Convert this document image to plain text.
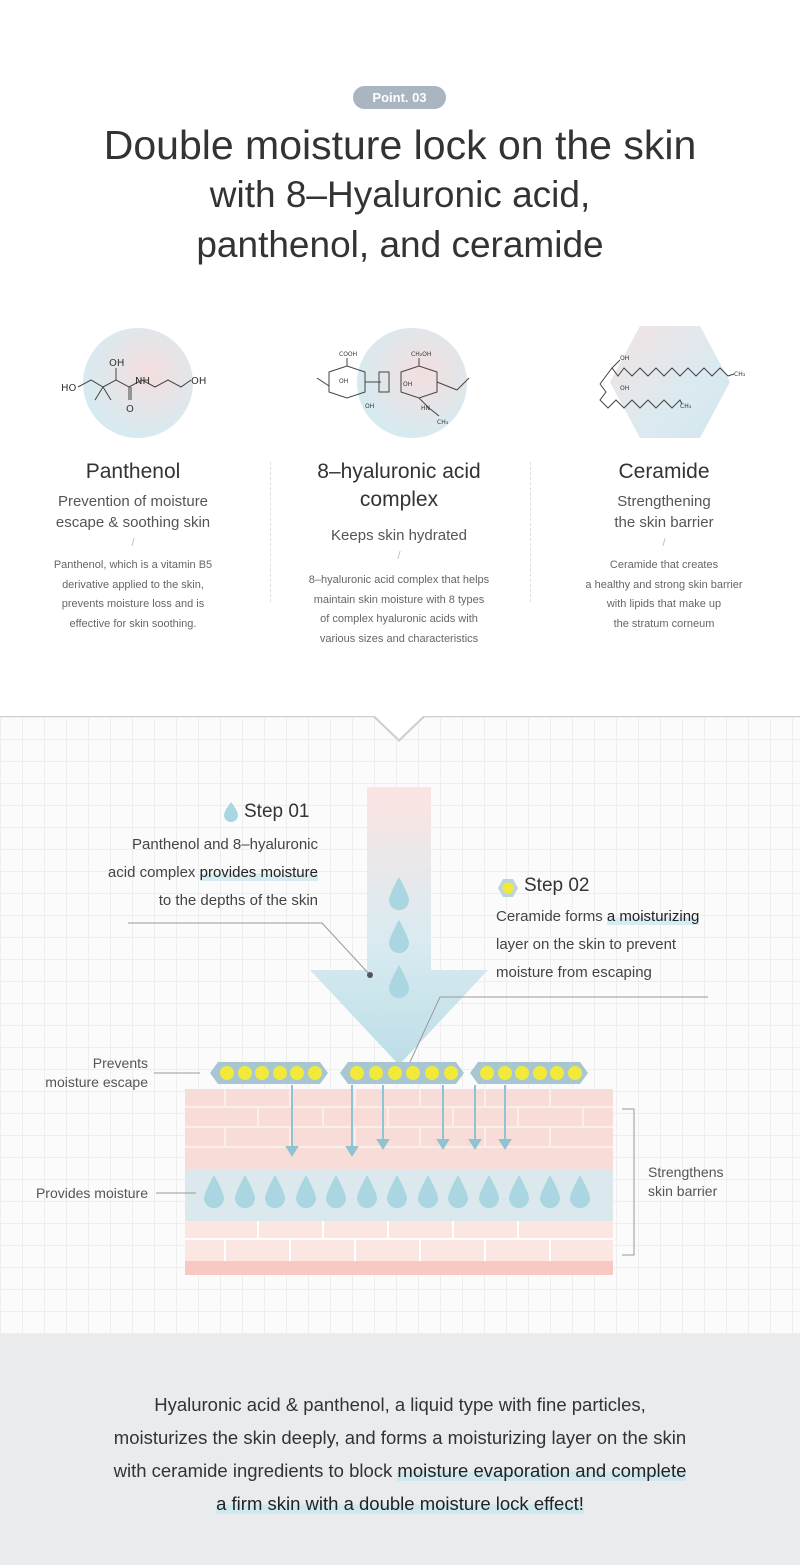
Point. 03
Double moisture lock on the skin
with 8–Hyaluronic acid,
panthenol, and ceramide
OH
HO
NH	OH
O
Panthenol
Prevention of moisture
escape & soothing skin
/
Panthenol, which is a vitamin B5
derivative applied to the skin,
prevents moisture loss and is
effective for skin soothing.
COOH	CH₂OH
OH
OH
OH
HN
CH₃
8–hyaluronic acid
complex
Keeps skin hydrated
/
8–hyaluronic acid complex that helps
maintain skin moisture with 8 types
of complex hyaluronic acids with
various sizes and characteristics
OH
CH₃
CH₃
OH
Ceramide
Strengthening
the skin barrier
/
Ceramide that creates
a healthy and strong skin barrier
with lipids that make up
the stratum corneum
Step 01
Panthenol and 8–hyaluronic
acid complex provides moisture
to the depths of the skin
Step 02
Ceramide forms a moisturizing
layer on the skin to prevent
moisture from escaping
Prevents
moisture escape
Provides moisture
Strengthens
skin barrier
Hyaluronic acid & panthenol, a liquid type with fine particles,
moisturizes the skin deeply, and forms a moisturizing layer on the skin
with ceramide ingredients to block moisture evaporation and complete
a firm skin with a double moisture lock effect!
